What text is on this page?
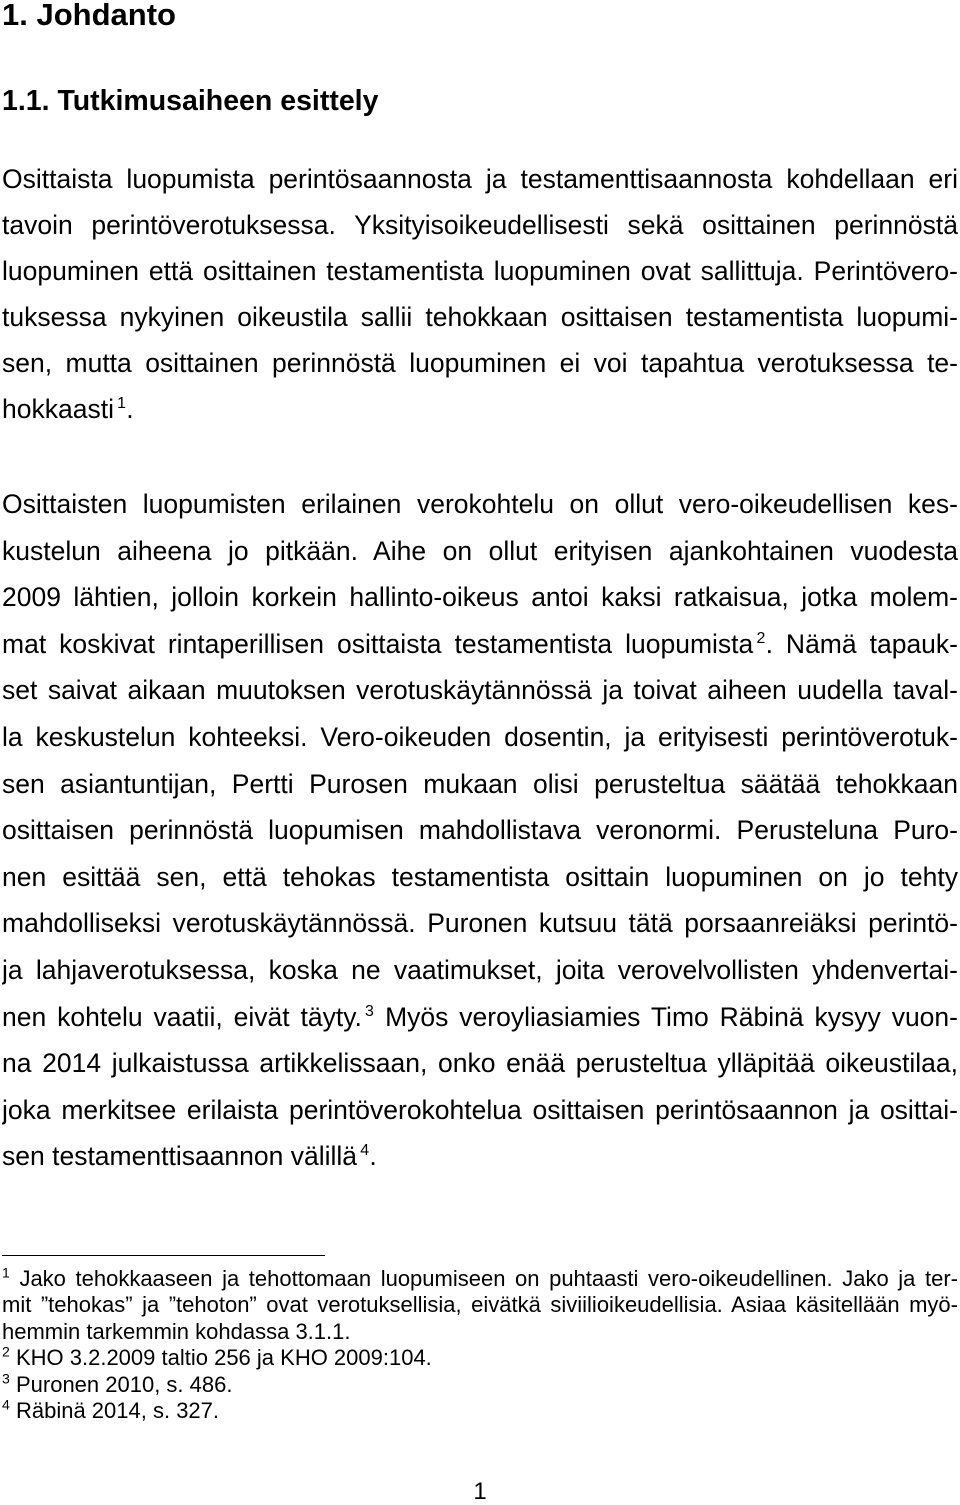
1. Johdanto
1.1. Tutkimusaiheen esittely
Osittaista luopumista perintösaannosta ja testamenttisaannosta kohdellaan eri
tavoin perintöverotuksessa. Yksityisoikeudellisesti sekä osittainen perinnöstä
luopuminen että osittainen testamentista luopuminen ovat sallittuja. Perintövero-
tuksessa nykyinen oikeustila sallii tehokkaan osittaisen testamentista luopumi-
sen, mutta osittainen perinnöstä luopuminen ei voi tapahtua verotuksessa te-
hokkaasti $^1$.
Osittaisten luopumisten erilainen verokohtelu on ollut vero-oikeudellisen kes-
kustelun aiheena jo pitkään. Aihe on ollut erityisen ajankohtainen vuodesta
2009 lähtien, jolloin korkein hallinto-oikeus antoi kaksi ratkaisua, jotka molem-
mat koskivat rintaperillisen osittaista testamentista luopumista $^2$. Nämä tapauk-
set saivat aikaan muutoksen verotuskäytännössä ja toivat aiheen uudella taval-
la keskustelun kohteeksi. Vero-oikeuden dosentin, ja erityisesti perintöverotuk-
sen asiantuntijan, Pertti Purosen mukaan olisi perusteltua säätää tehokkaan
osittaisen perinnöstä luopumisen mahdollistava veronormi. Perusteluna Puro-
nen esittää sen, että tehokas testamentista osittain luopuminen on jo tehty
mahdolliseksi verotuskäytännössä. Puronen kutsuu tätä porsaanreiäksi perintö-
ja lahjaverotuksessa, koska ne vaatimukset, joita verovelvollisten yhdenvertai-
nen kohtelu vaatii, eivät täyty. $^3$ Myös veroyliasiamies Timo Räbinä kysyy vuon-
na 2014 julkaistussa artikkelissaan, onko enää perusteltua ylläpitää oikeustilaa,
joka merkitsee erilaista perintöverokohtelua osittaisen perintösaannon ja osittai-
sen testamenttisaannon välillä $^4$.
$^1$ Jako tehokkaaseen ja tehottomaan luopumiseen on puhtaasti vero-oikeudellinen. Jako ja ter-
mit ”tehokas” ja ”tehoton” ovat verotuksellisia, eivätkä siviilioikeudellisia. Asiaa käsitellään myö-
hemmin tarkemmin kohdassa 3.1.1.
$^2$ KHO 3.2.2009 taltio 256 ja KHO 2009:104.
$^3$ Puronen 2010, s. 486.
$^4$ Räbinä 2014, s. 327.
1
